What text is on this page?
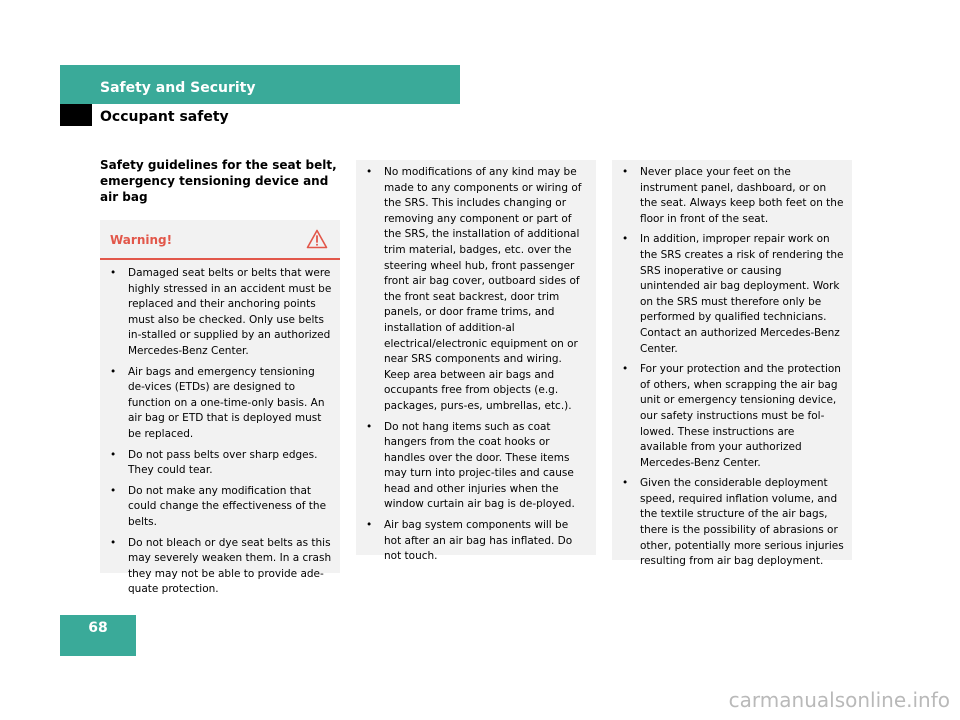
Safety and Security
Occupant safety
Safety guidelines for the seat belt, emergency tensioning device and air bag
Warning!
• Damaged seat belts or belts that were highly stressed in an accident must be replaced and their anchoring points must also be checked. Only use belts in-stalled or supplied by an authorized Mercedes-Benz Center.
• Air bags and emergency tensioning de-vices (ETDs) are designed to function on a one-time-only basis. An air bag or ETD that is deployed must be replaced.
• Do not pass belts over sharp edges. They could tear.
• Do not make any modification that could change the effectiveness of the belts.
• Do not bleach or dye seat belts as this may severely weaken them. In a crash they may not be able to provide ade-quate protection.
• No modifications of any kind may be made to any components or wiring of the SRS. This includes changing or removing any component or part of the SRS, the installation of additional trim material, badges, etc. over the steering wheel hub, front passenger front air bag cover, outboard sides of the front seat backrest, door trim panels, or door frame trims, and installation of addition-al electrical/electronic equipment on or near SRS components and wiring. Keep area between air bags and occupants free from objects (e.g. packages, purs-es, umbrellas, etc.).
• Do not hang items such as coat hangers from the coat hooks or handles over the door. These items may turn into projec-tiles and cause head and other injuries when the window curtain air bag is de-ployed.
• Air bag system components will be hot after an air bag has inflated. Do not touch.
• Never place your feet on the instrument panel, dashboard, or on the seat. Always keep both feet on the floor in front of the seat.
• In addition, improper repair work on the SRS creates a risk of rendering the SRS inoperative or causing unintended air bag deployment. Work on the SRS must therefore only be performed by qualified technicians. Contact an authorized Mercedes-Benz Center.
• For your protection and the protection of others, when scrapping the air bag unit or emergency tensioning device, our safety instructions must be fol-lowed. These instructions are available from your authorized Mercedes-Benz Center.
• Given the considerable deployment speed, required inflation volume, and the textile structure of the air bags, there is the possibility of abrasions or other, potentially more serious injuries resulting from air bag deployment.
68
carmanualsonline.info
